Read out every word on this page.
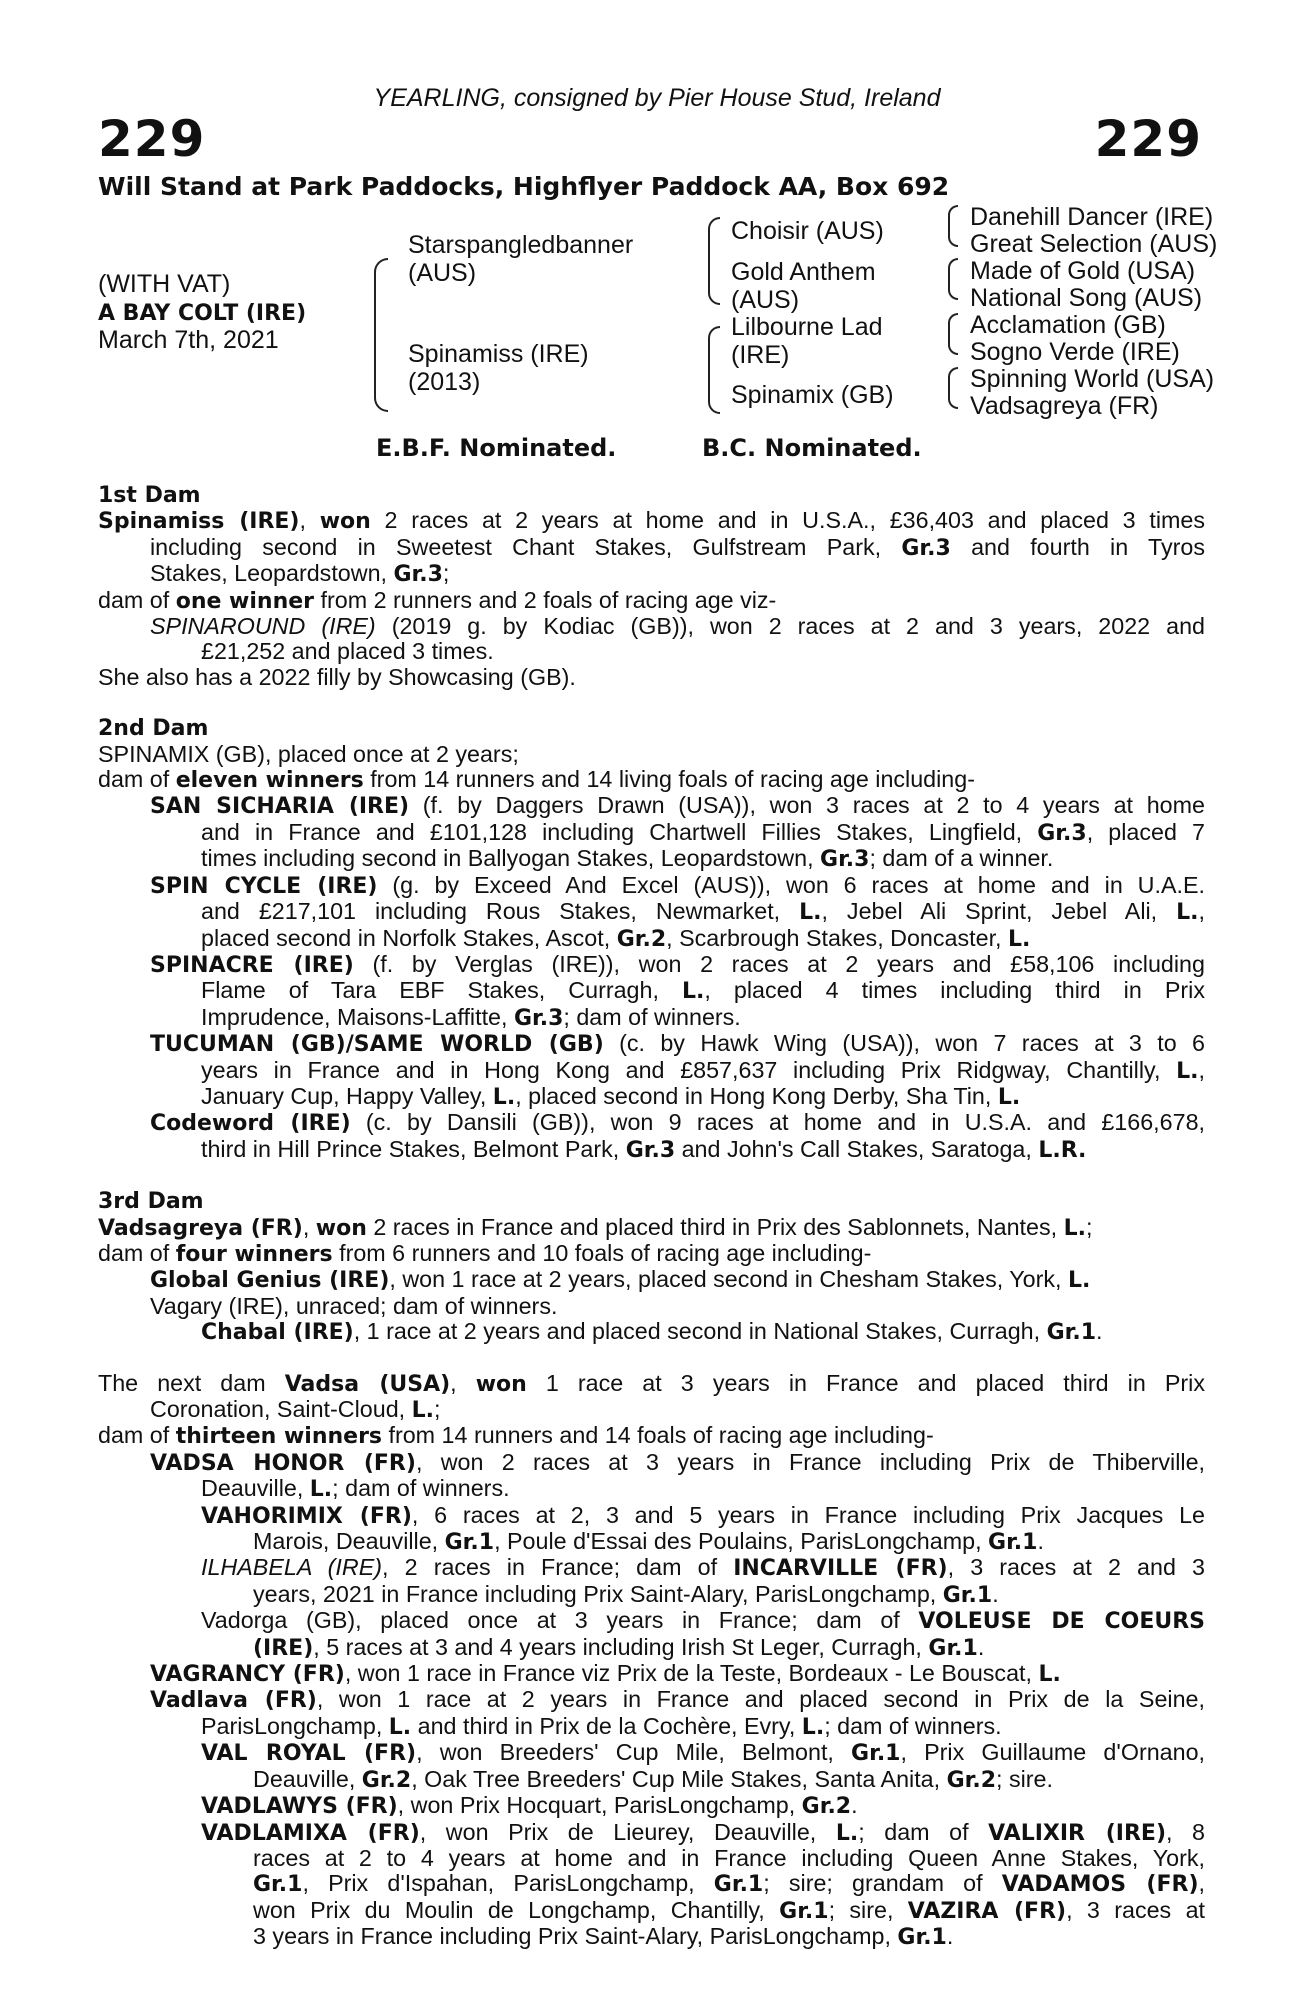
YEARLING, consigned by Pier House Stud, Ireland
229	229
Will Stand at Park Paddocks, Highflyer Paddock AA, Box 692
(WITH VAT)
A BAY COLT (IRE)
March 7th, 2021
Starspangledbanner
(AUS)
Spinamiss (IRE)
(2013)
Choisir (AUS)
Gold Anthem
(AUS)
Lilbourne Lad
(IRE)
Spinamix (GB)
Danehill Dancer (IRE)
Great Selection (AUS)
Made of Gold (USA)
National Song (AUS)
Acclamation (GB)
Sogno Verde (IRE)
Spinning World (USA)
Vadsagreya (FR)
E.B.F. Nominated.	B.C. Nominated.

1st Dam

Spinamiss (IRE), won 2 races at 2 years at home and in U.S.A., £36,403 and placed 3 times

including second in Sweetest Chant Stakes, Gulfstream Park, Gr.3 and fourth in Tyros

Stakes, Leopardstown, Gr.3;

dam of one winner from 2 runners and 2 foals of racing age viz-

SPINAROUND (IRE) (2019 g. by Kodiac (GB)), won 2 races at 2 and 3 years, 2022 and

£21,252 and placed 3 times.

She also has a 2022 filly by Showcasing (GB).

2nd Dam

SPINAMIX (GB), placed once at 2 years;

dam of eleven winners from 14 runners and 14 living foals of racing age including-

SAN SICHARIA (IRE) (f. by Daggers Drawn (USA)), won 3 races at 2 to 4 years at home

and in France and £101,128 including Chartwell Fillies Stakes, Lingfield, Gr.3, placed 7

times including second in Ballyogan Stakes, Leopardstown, Gr.3; dam of a winner.

SPIN CYCLE (IRE) (g. by Exceed And Excel (AUS)), won 6 races at home and in U.A.E.

and £217,101 including Rous Stakes, Newmarket, L., Jebel Ali Sprint, Jebel Ali, L.,

placed second in Norfolk Stakes, Ascot, Gr.2, Scarbrough Stakes, Doncaster, L.

SPINACRE (IRE) (f. by Verglas (IRE)), won 2 races at 2 years and £58,106 including

Flame of Tara EBF Stakes, Curragh, L., placed 4 times including third in Prix

Imprudence, Maisons-Laffitte, Gr.3; dam of winners.

TUCUMAN (GB)/SAME WORLD (GB) (c. by Hawk Wing (USA)), won 7 races at 3 to 6

years in France and in Hong Kong and £857,637 including Prix Ridgway, Chantilly, L.,

January Cup, Happy Valley, L., placed second in Hong Kong Derby, Sha Tin, L.

Codeword (IRE) (c. by Dansili (GB)), won 9 races at home and in U.S.A. and £166,678,

third in Hill Prince Stakes, Belmont Park, Gr.3 and John's Call Stakes, Saratoga, L.R.

3rd Dam

Vadsagreya (FR), won 2 races in France and placed third in Prix des Sablonnets, Nantes, L.;

dam of four winners from 6 runners and 10 foals of racing age including-

Global Genius (IRE), won 1 race at 2 years, placed second in Chesham Stakes, York, L.

Vagary (IRE), unraced; dam of winners.

Chabal (IRE), 1 race at 2 years and placed second in National Stakes, Curragh, Gr.1.

The next dam Vadsa (USA), won 1 race at 3 years in France and placed third in Prix

Coronation, Saint-Cloud, L.;

dam of thirteen winners from 14 runners and 14 foals of racing age including-

VADSA HONOR (FR), won 2 races at 3 years in France including Prix de Thiberville,

Deauville, L.; dam of winners.

VAHORIMIX (FR), 6 races at 2, 3 and 5 years in France including Prix Jacques Le

Marois, Deauville, Gr.1, Poule d'Essai des Poulains, ParisLongchamp, Gr.1.

ILHABELA (IRE), 2 races in France; dam of INCARVILLE (FR), 3 races at 2 and 3

years, 2021 in France including Prix Saint-Alary, ParisLongchamp, Gr.1.

Vadorga (GB), placed once at 3 years in France; dam of VOLEUSE DE COEURS

(IRE), 5 races at 3 and 4 years including Irish St Leger, Curragh, Gr.1.

VAGRANCY (FR), won 1 race in France viz Prix de la Teste, Bordeaux - Le Bouscat, L.

Vadlava (FR), won 1 race at 2 years in France and placed second in Prix de la Seine,

ParisLongchamp, L. and third in Prix de la Cochère, Evry, L.; dam of winners.

VAL ROYAL (FR), won Breeders' Cup Mile, Belmont, Gr.1, Prix Guillaume d'Ornano,

Deauville, Gr.2, Oak Tree Breeders' Cup Mile Stakes, Santa Anita, Gr.2; sire.

VADLAWYS (FR), won Prix Hocquart, ParisLongchamp, Gr.2.

VADLAMIXA (FR), won Prix de Lieurey, Deauville, L.; dam of VALIXIR (IRE), 8

races at 2 to 4 years at home and in France including Queen Anne Stakes, York,

Gr.1, Prix d'Ispahan, ParisLongchamp, Gr.1; sire; grandam of VADAMOS (FR),

won Prix du Moulin de Longchamp, Chantilly, Gr.1; sire, VAZIRA (FR), 3 races at

3 years in France including Prix Saint-Alary, ParisLongchamp, Gr.1.
